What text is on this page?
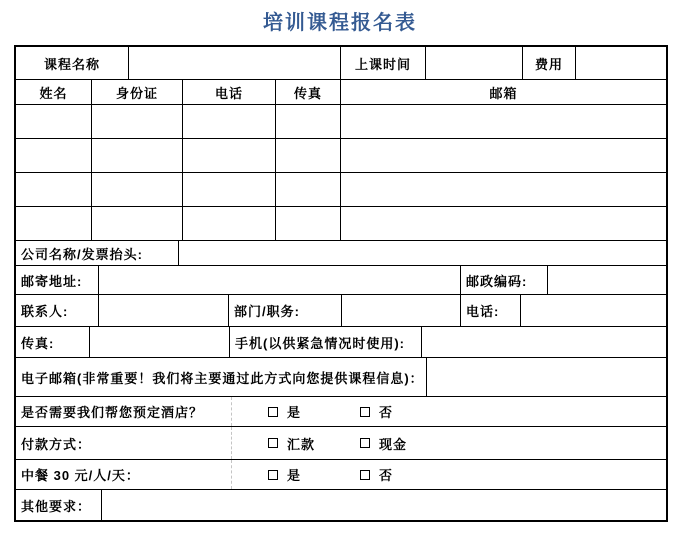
培训课程报名表
课程名称	上课时间	费用
姓名	身份证	电话	传真	邮箱
公司名称/发票抬头:
邮寄地址:	邮政编码:
联系人:	部门/职务:	电话:
传真:	手机(以供紧急情况时使用):
电子邮箱(非常重要！我们将主要通过此方式向您提供课程信息)：
是否需要我们帮您预定酒店？	是	否
付款方式：	汇款	现金
中餐 30 元/人/天：	是	否
其他要求：
